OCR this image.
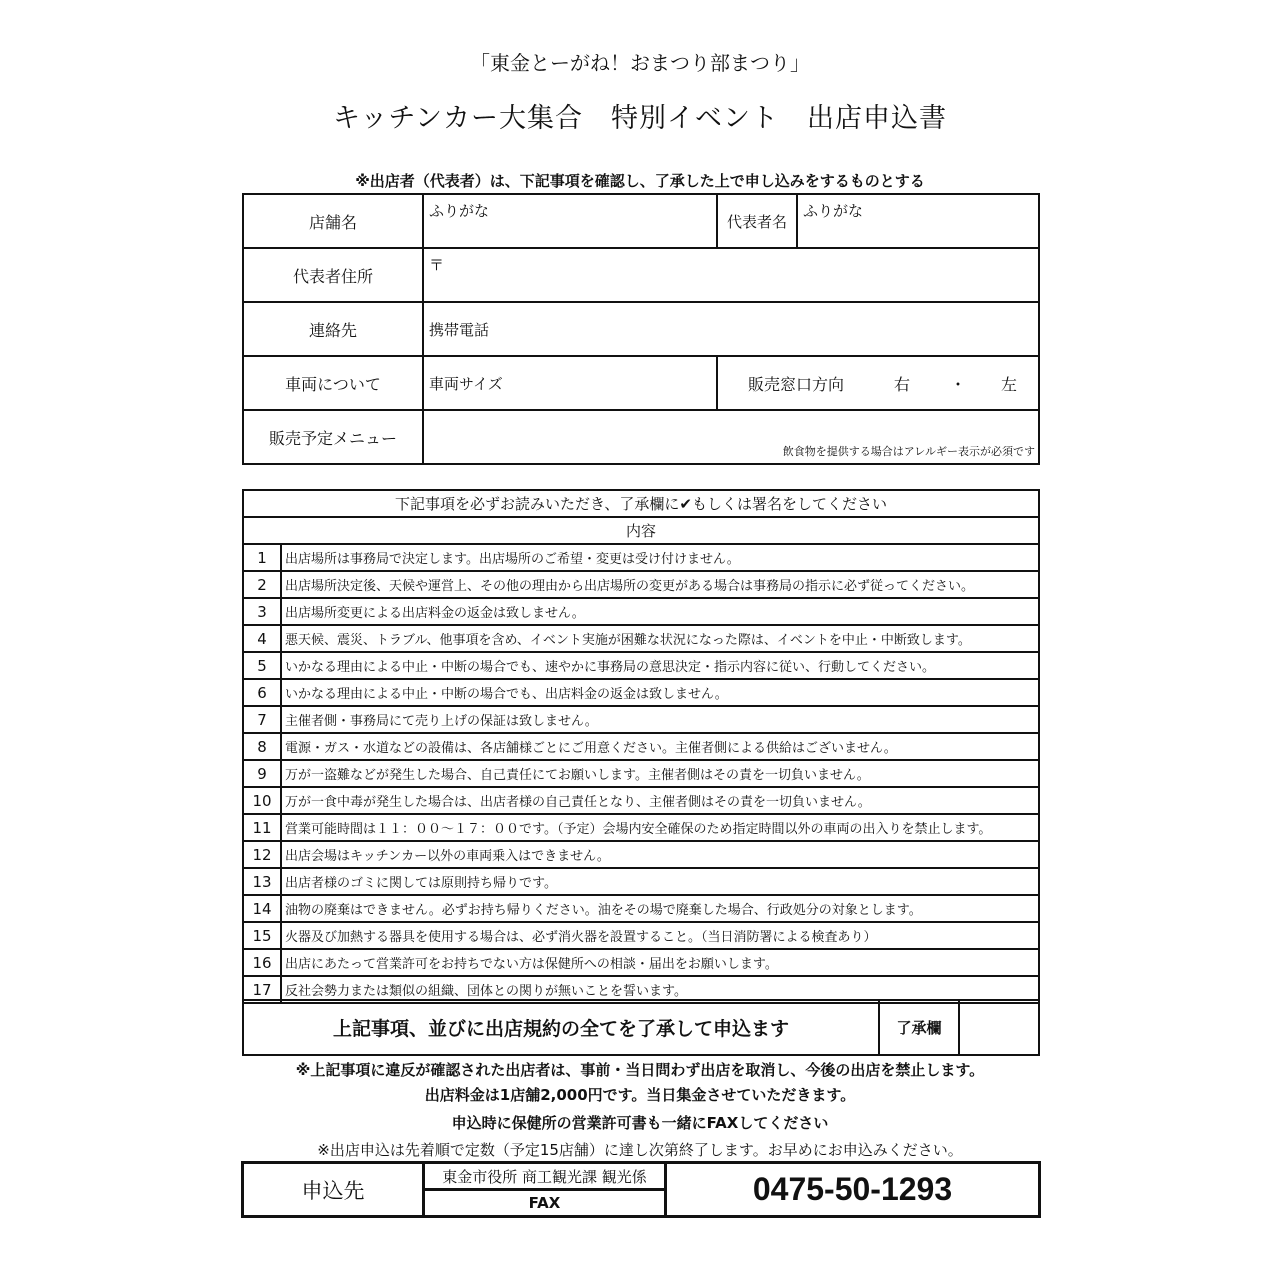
「東金とーがね！おまつり部まつり」
キッチンカー大集合　特別イベント　出店申込書
※出店者（代表者）は、下記事項を確認し、了承した上で申し込みをするものとする
店舗名	ふりがな	代表者名	ふりがな

代表者住所	〒		

連絡先	携帯電話		

車両について	車両サイズ	販売窓口方向 右 ・ 左	

販売予定メニュー	飲食物を提供する場合はアレルギー表示が必須です		
下記事項を必ずお読みいただき、了承欄に✔もしくは署名をしてください	
内容	
1	出店場所は事務局で決定します。出店場所のご希望・変更は受け付けません。
2	出店場所決定後、天候や運営上、その他の理由から出店場所の変更がある場合は事務局の指示に必ず従ってください。
3	出店場所変更による出店料金の返金は致しません。
4	悪天候、震災、トラブル、他事項を含め、イベント実施が困難な状況になった際は、イベントを中止・中断致します。
5	いかなる理由による中止・中断の場合でも、速やかに事務局の意思決定・指示内容に従い、行動してください。
6	いかなる理由による中止・中断の場合でも、出店料金の返金は致しません。
7	主催者側・事務局にて売り上げの保証は致しません。
8	電源・ガス・水道などの設備は、各店舗様ごとにご用意ください。主催者側による供給はございません。
9	万が一盗難などが発生した場合、自己責任にてお願いします。主催者側はその責を一切負いません。
10	万が一食中毒が発生した場合は、出店者様の自己責任となり、主催者側はその責を一切負いません。
11	営業可能時間は１１：００～１７：００です。（予定）会場内安全確保のため指定時間以外の車両の出入りを禁止します。
12	出店会場はキッチンカー以外の車両乗入はできません。
13	出店者様のゴミに関しては原則持ち帰りです。
14	油物の廃棄はできません。必ずお持ち帰りください。油をその場で廃棄した場合、行政処分の対象とします。
15	火器及び加熱する器具を使用する場合は、必ず消火器を設置すること。（当日消防署による検査あり）
16	出店にあたって営業許可をお持ちでない方は保健所への相談・届出をお願いします。
17	反社会勢力または類似の組織、団体との関りが無いことを誓います。
上記事項、並びに出店規約の全てを了承して申込ます	了承欄	
※上記事項に違反が確認された出店者は、事前・当日問わず出店を取消し、今後の出店を禁止します。
出店料金は1店舗2,000円です。当日集金させていただきます。
申込時に保健所の営業許可書も一緒にFAXしてください
※出店申込は先着順で定数（予定15店舗）に達し次第終了します。お早めにお申込みください。
申込先	東金市役所 商工観光課 観光係	0475-50-1293
FAX
